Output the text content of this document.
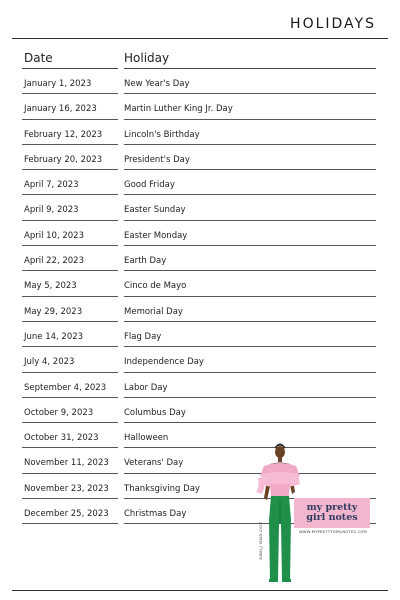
HOLIDAYS
Date	Holiday
January 1, 2023	New Year's Day
January 16, 2023	Martin Luther King Jr. Day
February 12, 2023	Lincoln's Birthday
February 20, 2023	President's Day
April 7, 2023	Good Friday
April 9, 2023	Easter Sunday
April 10, 2023	Easter Monday
April 22, 2023	Earth Day
May 5, 2023	Cinco de Mayo
May 29, 2023	Memorial Day
June 14, 2023	Flag Day
July 4, 2023	Independence Day
September 4, 2023 Labor Day
October 9, 2023	Columbus Day
October 31, 2023	Halloween
November 11, 2023 Veterans' Day
November 23, 2023 Thanksgiving Day
December 25, 2023 Christmas Day
my pretty
girl notes
WWW.MYPRETTYGIRLNOTES.COM
Nikki J. Wells 2022
